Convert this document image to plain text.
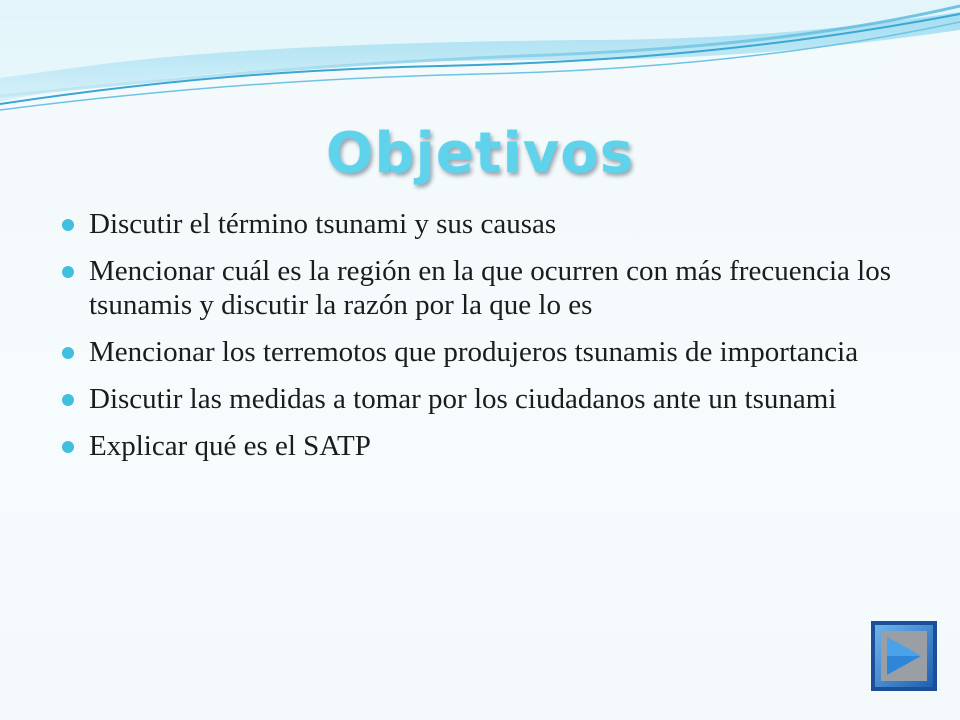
Objetivos
Discutir el término tsunami y sus causas
Mencionar cuál es la región en la que ocurren con más frecuencia los tsunamis y discutir la razón por la que lo es
Mencionar los terremotos que produjeros tsunamis de importancia
Discutir las medidas a tomar por los ciudadanos ante un tsunami
Explicar qué es el SATP
